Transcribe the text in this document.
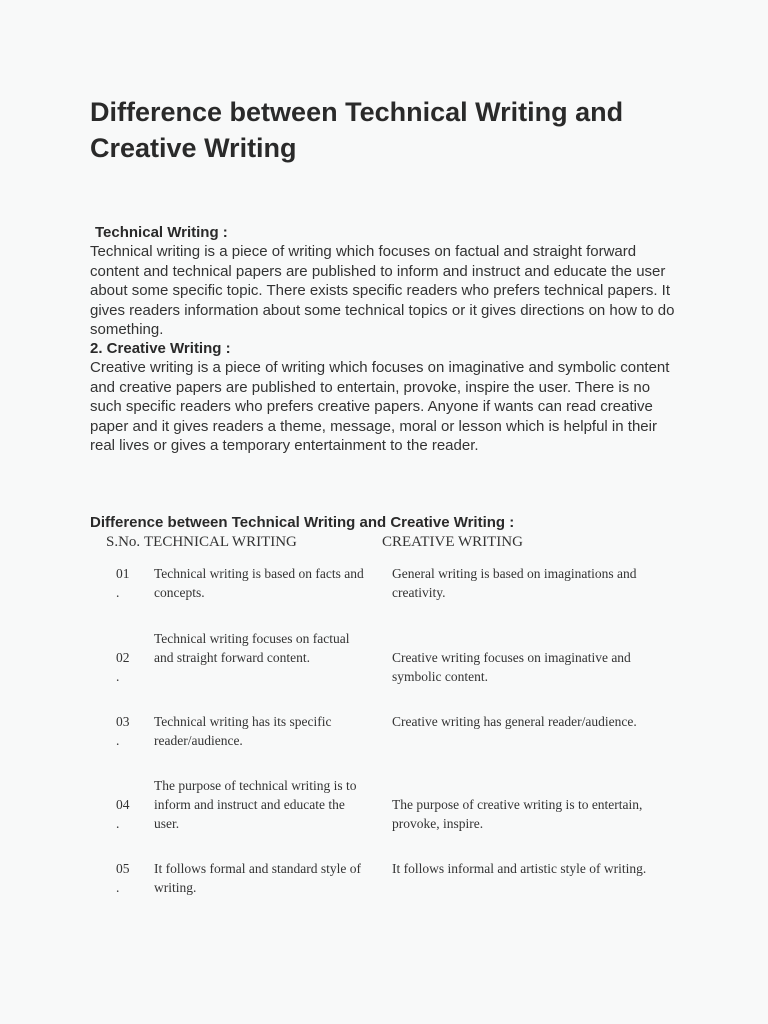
Difference between Technical Writing and Creative Writing
Technical Writing :
Technical writing is a piece of writing which focuses on factual and straight forward content and technical papers are published to inform and instruct and educate the user about some specific topic. There exists specific readers who prefers technical papers. It gives readers information about some technical topics or it gives directions on how to do something.
2. Creative Writing :
Creative writing is a piece of writing which focuses on imaginative and symbolic content and creative papers are published to entertain, provoke, inspire the user. There is no such specific readers who prefers creative papers. Anyone if wants can read creative paper and it gives readers a theme, message, moral or lesson which is helpful in their real lives or gives a temporary entertainment to the reader.
Difference between Technical Writing and Creative Writing :
S.No. TECHNICAL WRITING	CREATIVE WRITING
01
.
Technical writing is based on facts and concepts.
General writing is based on imaginations and creativity.
02
.
Technical writing focuses on factual and straight forward content.	Creative writing focuses on imaginative and symbolic content.
03
.
Technical writing has its specific reader/audience.
Creative writing has general reader/audience.
04
.
The purpose of technical writing is to inform and instruct and educate the user.
The purpose of creative writing is to entertain, provoke, inspire.
05
.
It follows formal and standard style of writing.
It follows informal and artistic style of writing.
